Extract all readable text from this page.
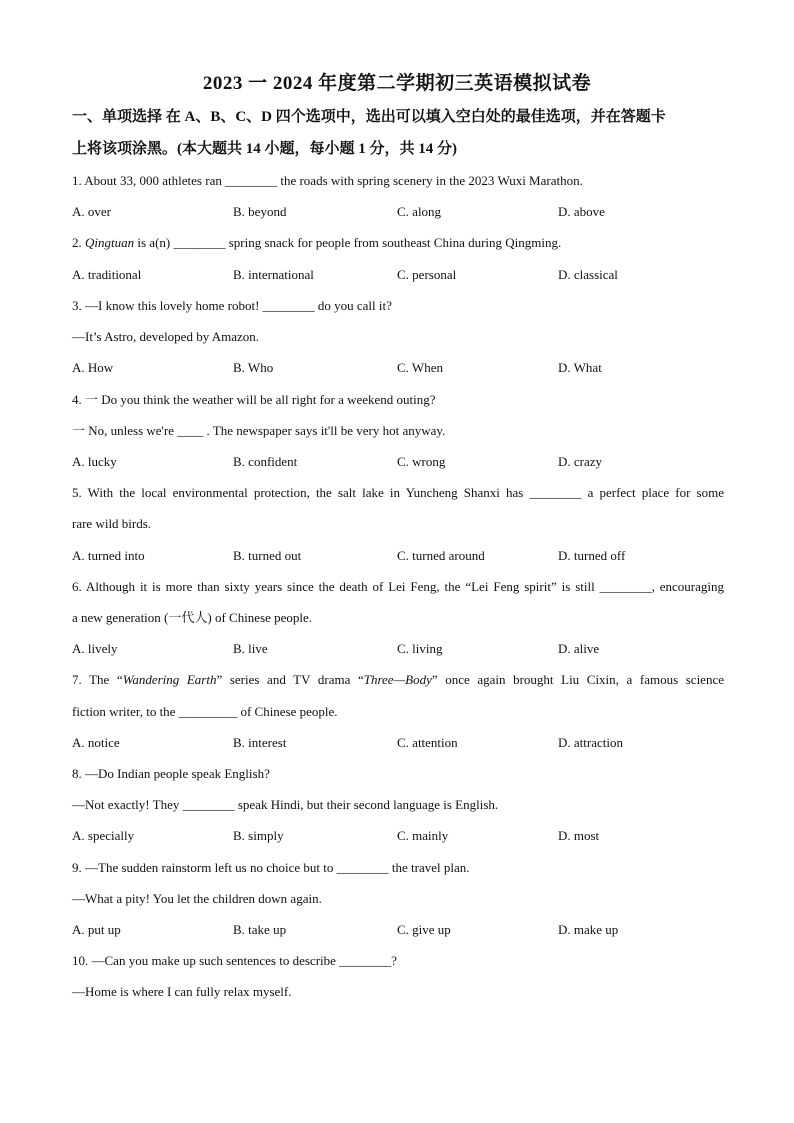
2023 一 2024 年度第二学期初三英语模拟试卷
一、单项选择 在 A、B、C、D 四个选项中，选出可以填入空白处的最佳选项，并在答题卡
上将该项涂黑。(本大题共 14 小题，每小题 1 分，共 14 分)
1. About 33, 000 athletes ran ________ the roads with spring scenery in the 2023 Wuxi Marathon.
A. over	B. beyond	C. along	D. above
2. Qingtuan is a(n) ________ spring snack for people from southeast China during Qingming.
A. traditional	B. international	C. personal	D. classical
3. —I know this lovely home robot! ________ do you call it?
—It’s Astro, developed by Amazon.
A. How	B. Who	C. When	D. What
4. 一 Do you think the weather will be all right for a weekend outing?
一 No, unless we're ____ . The newspaper says it'll be very hot anyway.
A. lucky	B. confident	C. wrong	D. crazy
5. With the local environmental protection, the salt lake in Yuncheng Shanxi has ________ a perfect place for some
rare wild birds.
A. turned into	B. turned out	C. turned around	D. turned off
6. Although it is more than sixty years since the death of Lei Feng, the “Lei Feng spirit” is still ________, encouraging
a new generation (一代人) of Chinese people.
A. lively	B. live	C. living	D. alive
7. The “Wandering Earth” series and TV drama “Three—Body” once again brought Liu Cixin, a famous science
fiction writer, to the _________ of Chinese people.
A. notice	B. interest	C. attention	D. attraction
8. —Do Indian people speak English?
—Not exactly! They ________ speak Hindi, but their second language is English.
A. specially	B. simply	C. mainly	D. most
9. —The sudden rainstorm left us no choice but to ________ the travel plan.
—What a pity! You let the children down again.
A. put up	B. take up	C. give up	D. make up
10. —Can you make up such sentences to describe ________?
—Home is where I can fully relax myself.
